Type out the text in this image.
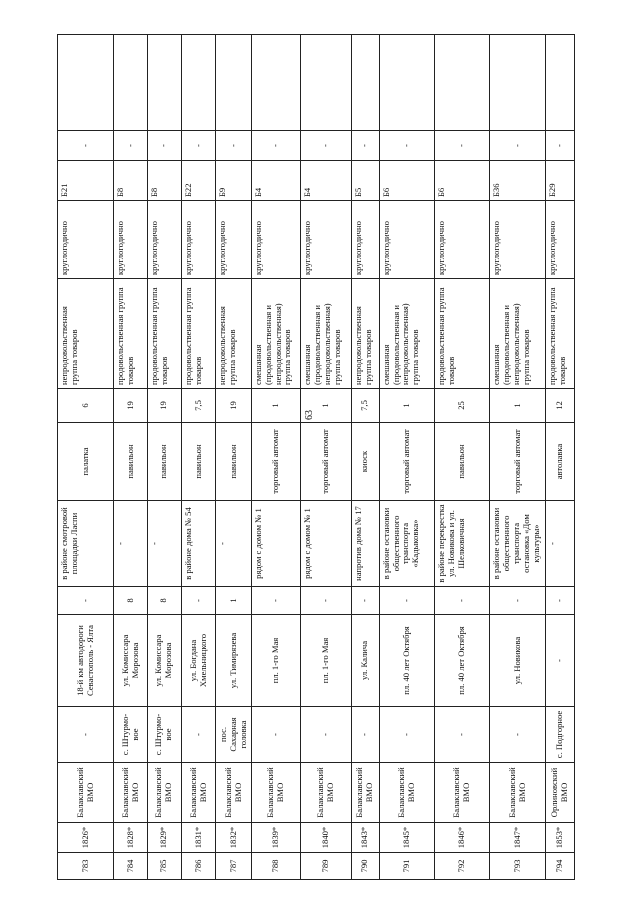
63
783	1826*	Балаклавский ВМО	-	18-й км автодороги Севастополь - Ялта	-	в районе смотровой площадки Ласпи	палатка	6	непродовольственная группа товаров	круглогодично	Б21	-	
784	1828*	Балаклавский ВМО	с. Штурмо-вое	ул. Комиссара Морозова	8	-	павильон	19	продовольственная группа товаров	круглогодично	Б8	-	
785	1829*	Балаклавский ВМО	с. Штурмо-вое	ул. Комиссара Морозова	8	-	павильон	19	продовольственная группа товаров	круглогодично	Б8	-	
786	1831*	Балаклавский ВМО	-	ул. Богдана Хмельницкого	-	в районе дома № 54	павильон	7,5	продовольственная группа товаров	круглогодично	Б22	-	
787	1832*	Балаклавский ВМО	пос. Сахарная головка	ул. Тимирязева	1	-	павильон	19	непродовольственная группа товаров	круглогодично	Б9	-	
788	1839*	Балаклавский ВМО	-	пл. 1-го Мая	-	рядом с домом № 1	торговый автомат	1	смешанная (продовольственная и непродовольственная) группа товаров	круглогодично	Б4	-	
789	1840*	Балаклавский ВМО	-	пл. 1-го Мая	-	рядом с домом № 1	торговый автомат	1	смешанная (продовольственная и непродовольственная) группа товаров	круглогодично	Б4	-	
790	1843*	Балаклавский ВМО	-	ул. Калича	-	напротив дома № 17	киоск	7,5	непродовольственная группа товаров	круглогодично	Б5	-	
791	1845*	Балаклавский ВМО	-	пл. 40 лет Октября	-	в районе остановки общественного транспорта «Кадыковка»	торговый автомат	1	смешанная (продовольственная и непродовольственная) группа товаров	круглогодично	Б6	-	
792	1846*	Балаклавский ВМО	-	пл. 40 лет Октября	-	в районе перекрестка ул. Новикова и ул. Шелковичная	павильон	25	продовольственная группа товаров	круглогодично	Б6	-	
793	1847*	Балаклавский ВМО	-	ул. Новикова	-	в районе остановки общественного транспорта остановка «Дом культуры»	торговый автомат	1	смешанная (продовольственная и непродовольственная) группа товаров	круглогодично	Б36	-	
794	1853*	Орлиновский ВМО	с. Подгорное	-	-	-	автолавка	12	продовольственная группа товаров	круглогодично	Б29	-	
